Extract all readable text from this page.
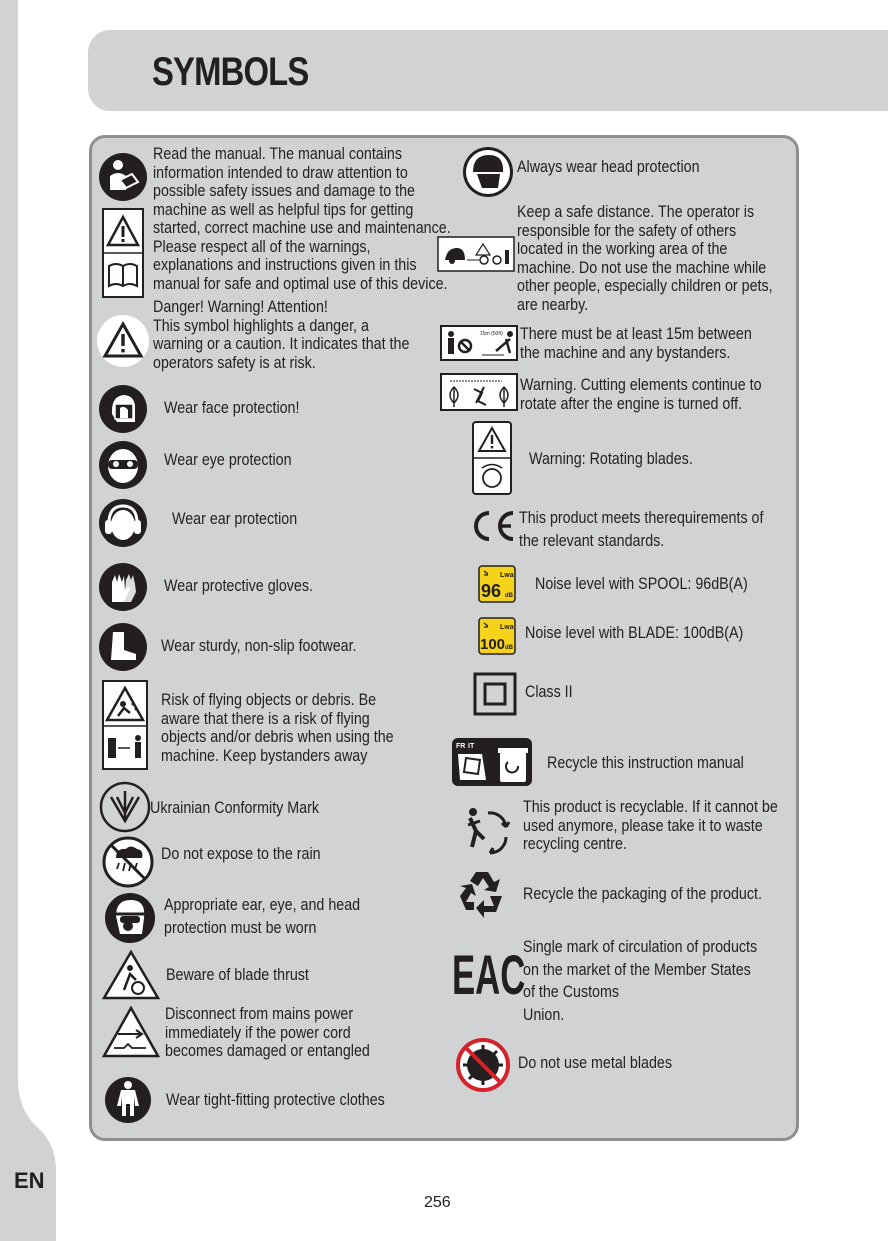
EN
SYMBOLS
Read the manual. The manual contains
information intended to draw attention to
possible safety issues and damage to the
machine as well as helpful tips for getting
started, correct machine use and maintenance.
Please respect all of the warnings,
explanations and instructions given in this
manual for safe and optimal use of this device.
Danger! Warning! Attention!
This symbol highlights a danger, a
warning or a caution. It indicates that the
operators safety is at risk.
Wear face protection!
Wear eye protection
Wear ear protection
Wear protective gloves.
Wear sturdy, non-slip footwear.
Risk of flying objects or debris. Be
aware that there is a risk of flying
objects and/or debris when using the
machine. Keep bystanders away
Ukrainian Conformity Mark
Do not expose to the rain
Appropriate ear, eye, and head
protection must be worn
Beware of blade thrust
Disconnect from mains power
immediately if the power cord
becomes damaged or entangled
Wear tight-fitting protective clothes
Always wear head protection
Keep a safe distance. The operator is
responsible for the safety of others
located in the working area of the
machine. Do not use the machine while
other people, especially children or pets,
are nearby.
15m (50ft) There must be at least 15m between
the machine and any bystanders.
Warning. Cutting elements continue to
rotate after the engine is turned off.
Warning: Rotating blades.
This product meets therequirements of
the relevant standards.
Lwa
96 dB
Noise level with SPOOL: 96dB(A)
Lwa
100 dB
Noise level with BLADE: 100dB(A)
Class II
FR IT
Recycle this instruction manual
This product is recyclable. If it cannot be
used anymore, please take it to waste
recycling centre.
Recycle the packaging of the product.
EAC
Single mark of circulation of products
on the market of the Member States
of the Customs
Union.
Do not use metal blades
256
